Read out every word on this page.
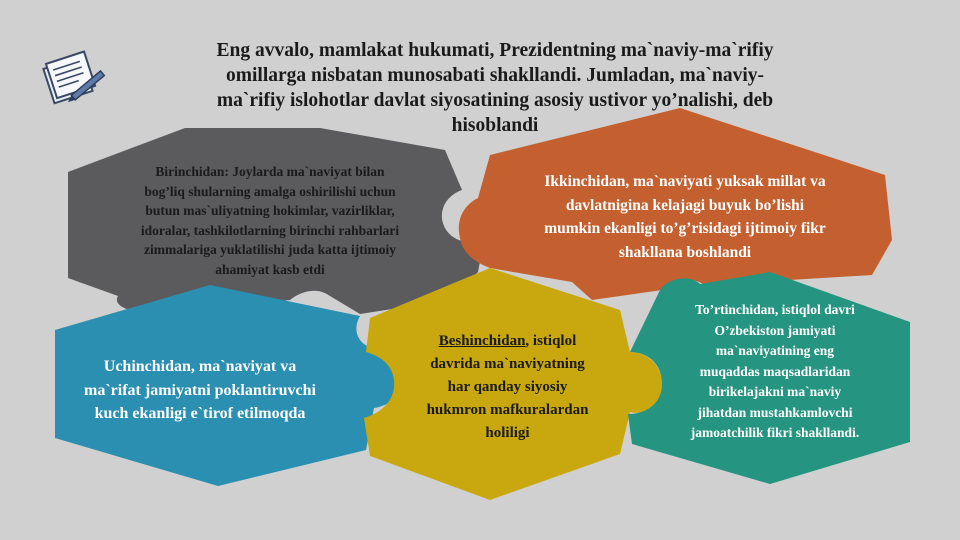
Eng avvalo, mamlakat hukumati, Prezidentning ma`naviy-ma`rifiy
omillarga nisbatan munosabati shakllandi. Jumladan, ma`naviy-
ma`rifiy islohotlar davlat siyosatining asosiy ustivor yo’nalishi, deb
hisoblandi
Birinchidan: Joylarda ma`naviyat bilan
bog’liq shularning amalga oshirilishi uchun
butun mas`uliyatning hokimlar, vazirliklar,
idoralar, tashkilotlarning birinchi rahbarlari
zimmalariga yuklatilishi juda katta ijtimoiy
ahamiyat kasb etdi
Ikkinchidan, ma`naviyati yuksak millat va
davlatnigina kelajagi buyuk bo’lishi
mumkin ekanligi to’g’risidagi ijtimoiy fikr
shakllana boshlandi
Uchinchidan, ma`naviyat va
ma`rifat jamiyatni poklantiruvchi
kuch ekanligi e`tirof etilmoqda
Beshinchidan, istiqlol
davrida ma`naviyatning
har qanday siyosiy
hukmron mafkuralardan
holiligi
To’rtinchidan, istiqlol davri
O’zbekiston jamiyati
ma`naviyatining eng
muqaddas maqsadlaridan
birikelajakni ma`naviy
jihatdan mustahkamlovchi
jamoatchilik fikri shakllandi.
